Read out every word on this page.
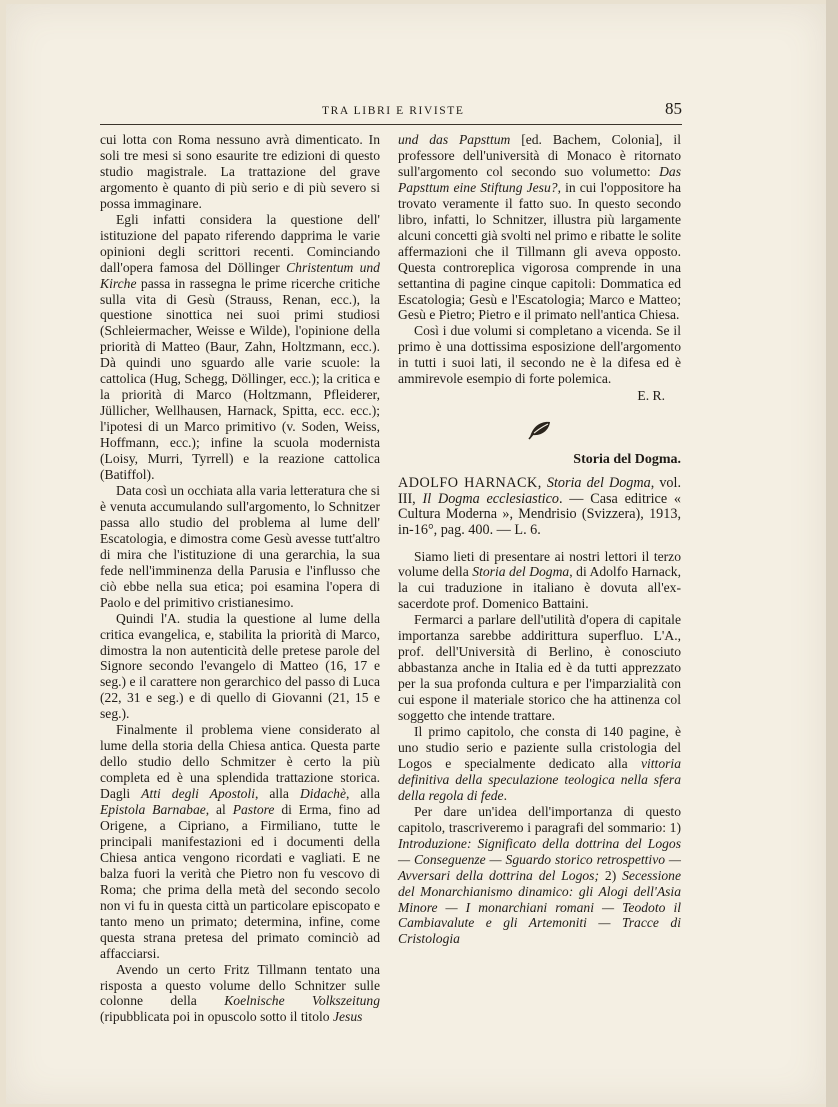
TRA LIBRI E RIVISTE	85

cui lotta con Roma nessuno avrà dimenticato. In soli tre mesi si sono esaurite tre edizioni di questo studio magistrale. La trattazione del grave argomento è quanto di più serio e di più severo si possa immaginare.

Egli infatti considera la questione dell' istituzione del papato riferendo dapprima le varie opinioni degli scrittori recenti. Cominciando dall'opera famosa del Döllinger Christentum und Kirche passa in rassegna le prime ricerche critiche sulla vita di Gesù (Strauss, Renan, ecc.), la questione sinottica nei suoi primi studiosi (Schleiermacher, Weisse e Wilde), l'opinione della priorità di Matteo (Baur, Zahn, Holtzmann, ecc.). Dà quindi uno sguardo alle varie scuole: la cattolica (Hug, Schegg, Döllinger, ecc.); la critica e la priorità di Marco (Holtzmann, Pfleiderer, Jüllicher, Wellhausen, Harnack, Spitta, ecc. ecc.); l'ipotesi di un Marco primitivo (v. Soden, Weiss, Hoffmann, ecc.); infine la scuola modernista (Loisy, Murri, Tyrrell) e la reazione cattolica (Batiffol).

Data così un occhiata alla varia letteratura che si è venuta accumulando sull'argomento, lo Schnitzer passa allo studio del problema al lume dell' Escatologia, e dimostra come Gesù avesse tutt'altro di mira che l'istituzione di una gerarchia, la sua fede nell'imminenza della Parusia e l'influsso che ciò ebbe nella sua etica; poi esamina l'opera di Paolo e del primitivo cristianesimo.

Quindi l'A. studia la questione al lume della critica evangelica, e, stabilita la priorità di Marco, dimostra la non autenticità delle pretese parole del Signore secondo l'evangelo di Matteo (16, 17 e seg.) e il carattere non gerarchico del passo di Luca (22, 31 e seg.) e di quello di Giovanni (21, 15 e seg.).

Finalmente il problema viene considerato al lume della storia della Chiesa antica. Questa parte dello studio dello Schmitzer è certo la più completa ed è una splendida trattazione storica. Dagli Atti degli Apostoli, alla Didachè, alla Epistola Barnabae, al Pastore di Erma, fino ad Origene, a Cipriano, a Firmiliano, tutte le principali manifestazioni ed i documenti della Chiesa antica vengono ricordati e vagliati. E ne balza fuori la verità che Pietro non fu vescovo di Roma; che prima della metà del secondo secolo non vi fu in questa città un particolare episcopato e tanto meno un primato; determina, infine, come questa strana pretesa del primato cominciò ad affacciarsi.

Avendo un certo Fritz Tillmann tentato una risposta a questo volume dello Schnitzer sulle colonne della Koelnische Volkszeitung (ripubblicata poi in opuscolo sotto il titolo Jesus

und das Papsttum [ed. Bachem, Colonia], il professore dell'università di Monaco è ritornato sull'argomento col secondo suo volumetto: Das Papsttum eine Stiftung Jesu?, in cui l'oppositore ha trovato veramente il fatto suo. In questo secondo libro, infatti, lo Schnitzer, illustra più largamente alcuni concetti già svolti nel primo e ribatte le solite affermazioni che il Tillmann gli aveva opposto. Questa controreplica vigorosa comprende in una settantina di pagine cinque capitoli: Dommatica ed Escatologia; Gesù e l'Escatologia; Marco e Matteo; Gesù e Pietro; Pietro e il primato nell'antica Chiesa.

Così i due volumi si completano a vicenda. Se il primo è una dottissima esposizione dell'argomento in tutti i suoi lati, il secondo ne è la difesa ed è ammirevole esempio di forte polemica.

E. R.

Storia del Dogma.

ADOLFO HARNACK, Storia del Dogma, vol. III, Il Dogma ecclesiastico. — Casa editrice « Cultura Moderna », Mendrisio (Svizzera), 1913, in-16°, pag. 400. — L. 6.

Siamo lieti di presentare ai nostri lettori il terzo volume della Storia del Dogma, di Adolfo Harnack, la cui traduzione in italiano è dovuta all'ex-sacerdote prof. Domenico Battaini.

Fermarci a parlare dell'utilità d'opera di capitale importanza sarebbe addirittura superfluo. L'A., prof. dell'Università di Berlino, è conosciuto abbastanza anche in Italia ed è da tutti apprezzato per la sua profonda cultura e per l'imparzialità con cui espone il materiale storico che ha attinenza col soggetto che intende trattare.

Il primo capitolo, che consta di 140 pagine, è uno studio serio e paziente sulla cristologia del Logos e specialmente dedicato alla vittoria definitiva della speculazione teologica nella sfera della regola di fede.

Per dare un'idea dell'importanza di questo capitolo, trascriveremo i paragrafi del sommario: 1) Introduzione: Significato della dottrina del Logos — Conseguenze — Sguardo storico retrospettivo — Avversari della dottrina del Logos; 2) Secessione del Monarchianismo dinamico: gli Alogi dell'Asia Minore — I monarchiani romani — Teodoto il Cambiavalute e gli Artemoniti — Tracce di Cristologia
